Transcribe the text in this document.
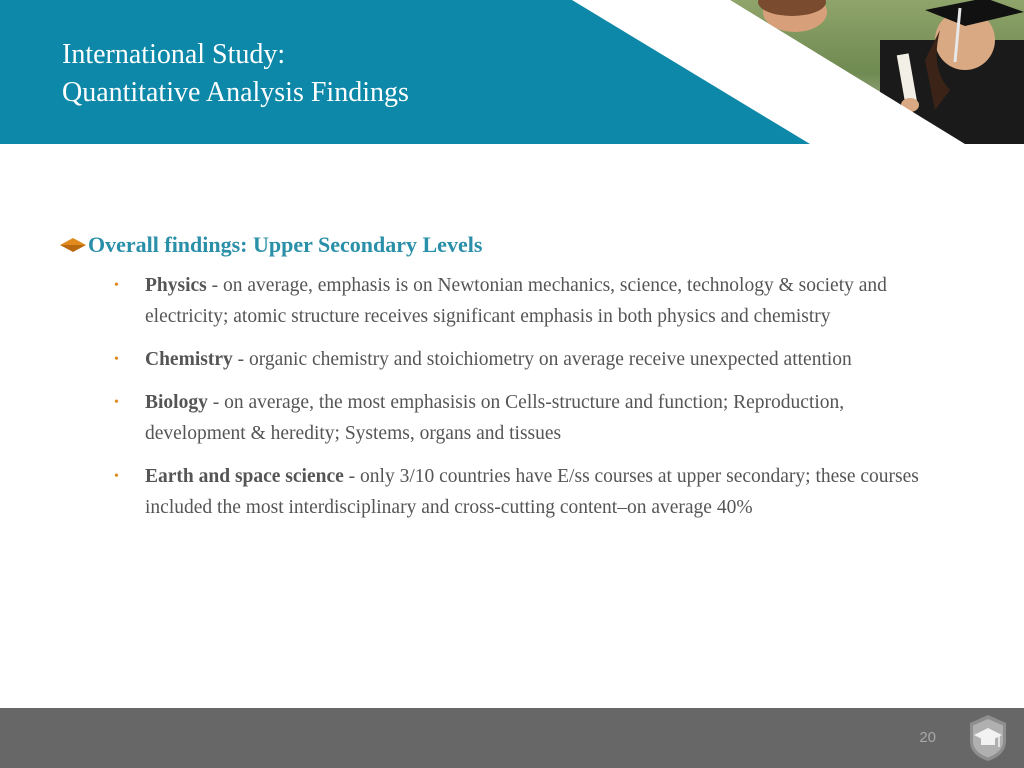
International Study:
Quantitative Analysis Findings
Overall findings: Upper Secondary Levels
• Physics - on average, emphasis is on Newtonian mechanics, science, technology & society and electricity; atomic structure receives significant emphasis in both physics and chemistry
• Chemistry - organic chemistry and stoichiometry on average receive unexpected attention
• Biology - on average, the most emphasisis on Cells-structure and function; Reproduction, development & heredity; Systems, organs and tissues
• Earth and space science - only 3/10 countries have E/ss courses at upper secondary; these courses included the most interdisciplinary and cross-cutting content–on average 40%
20
